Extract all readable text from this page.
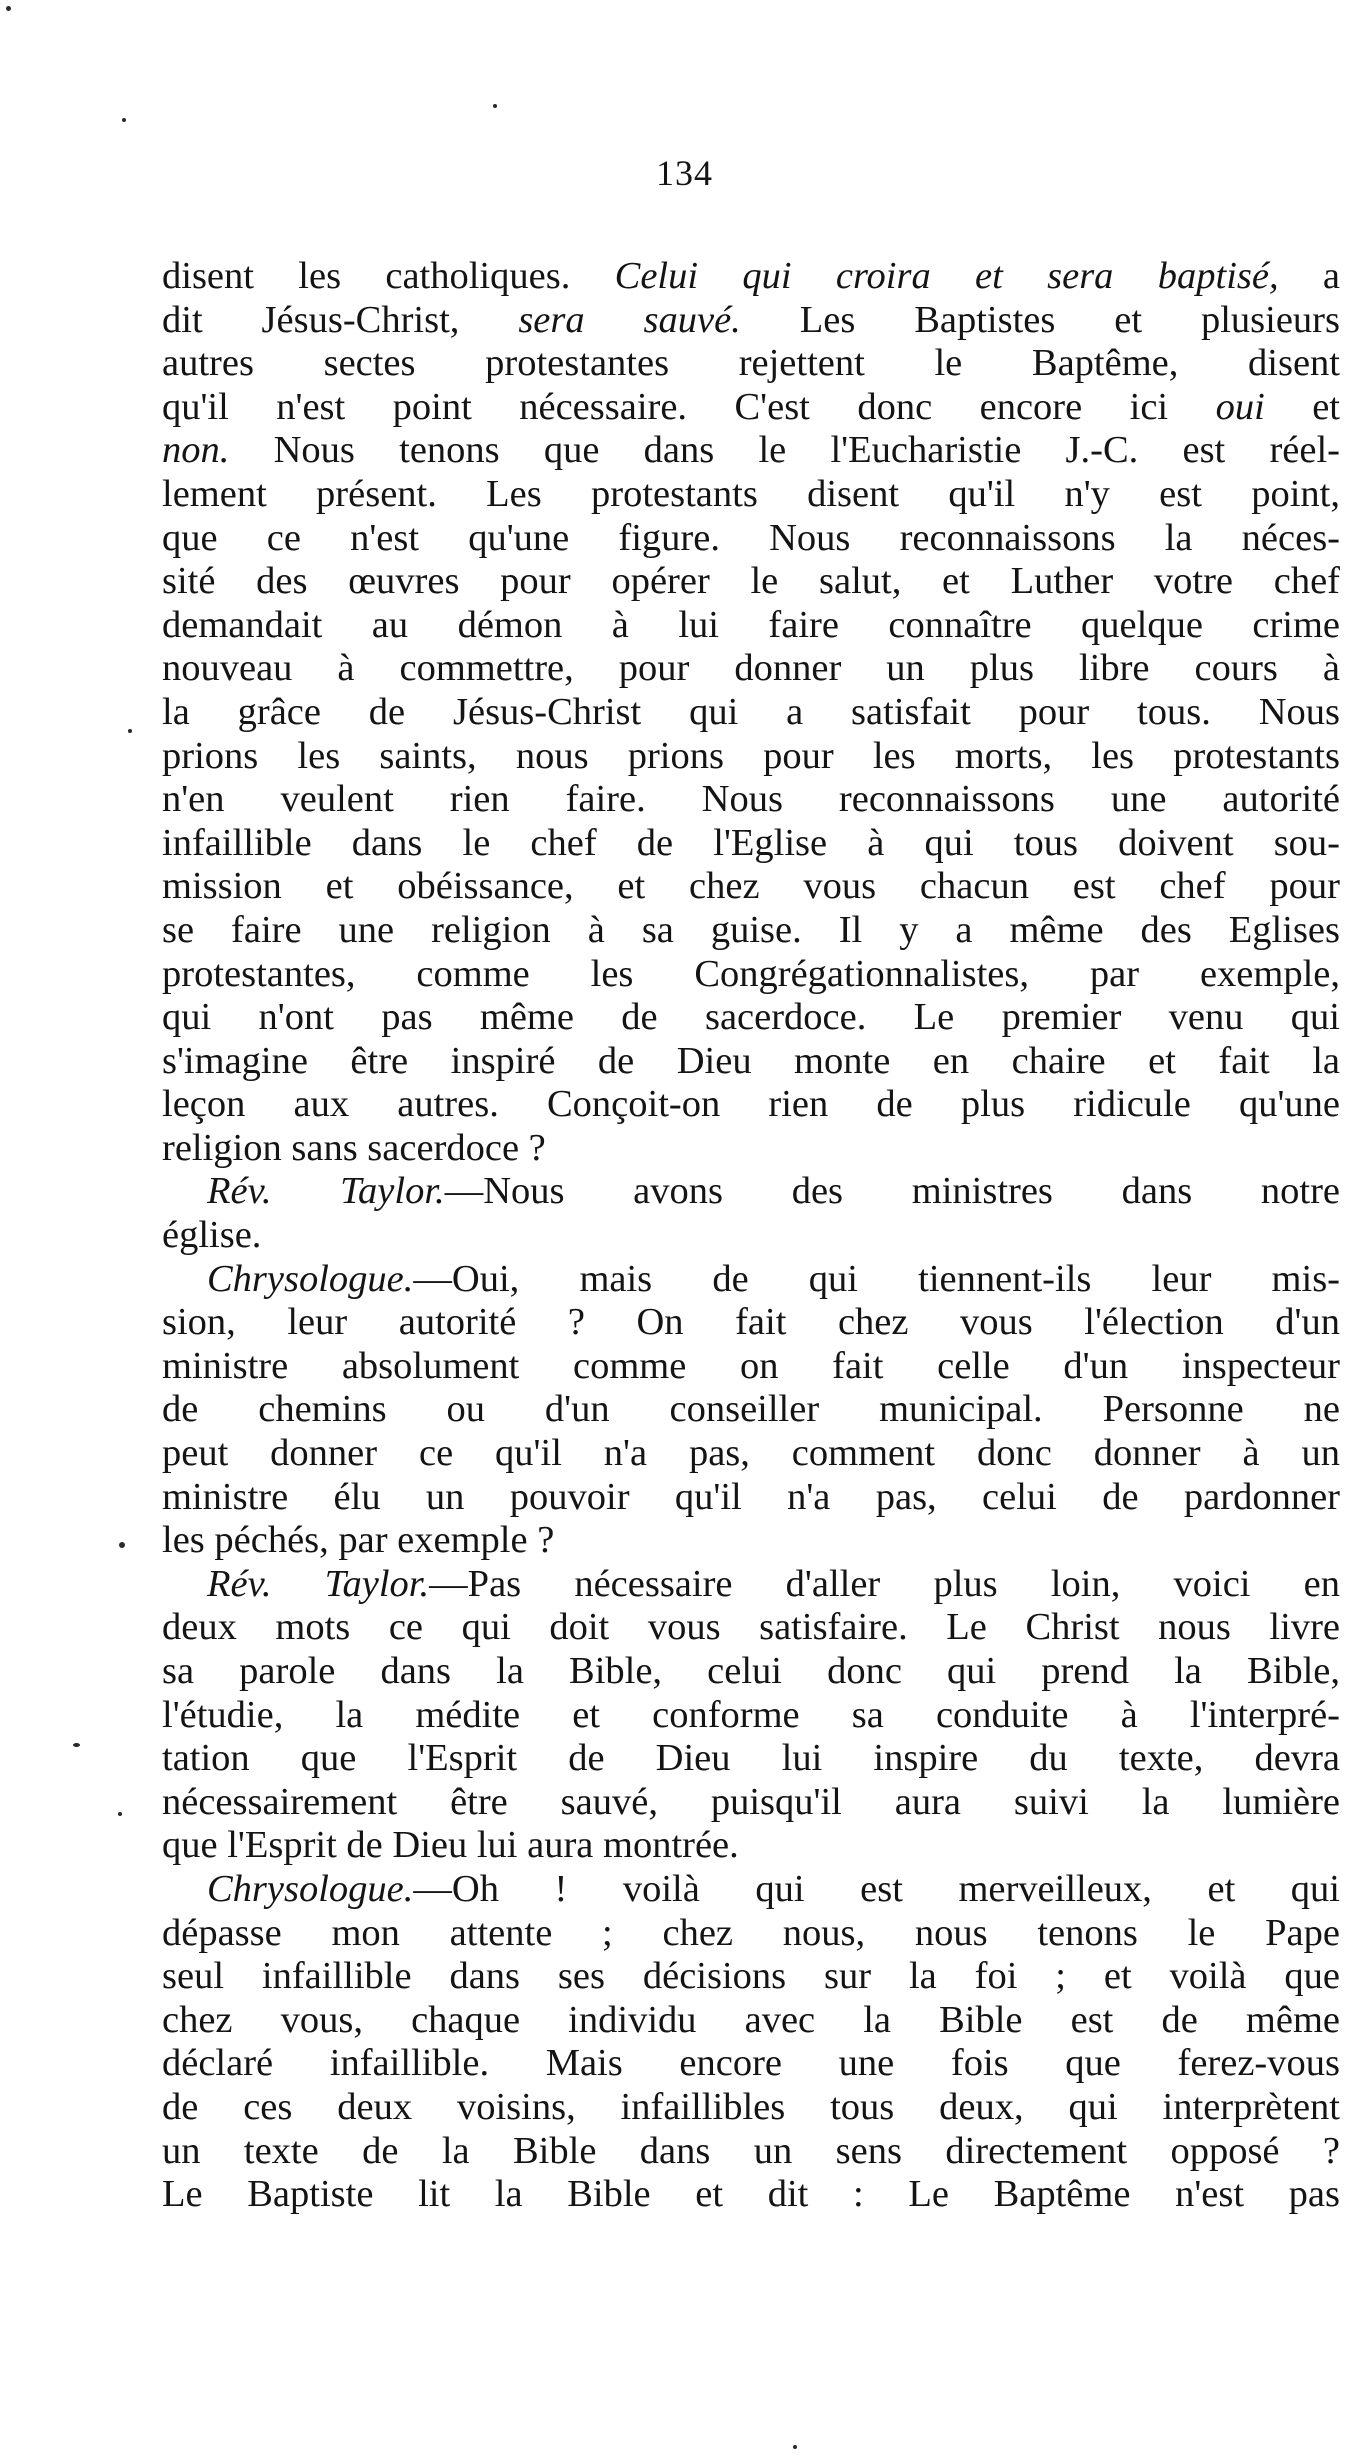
134
disent les catholiques. Celui qui croira et sera baptisé, a
dit Jésus-Christ, sera sauvé. Les Baptistes et plusieurs
autres sectes protestantes rejettent le Baptême, disent
qu'il n'est point nécessaire. C'est donc encore ici oui et
non. Nous tenons que dans le l'Eucharistie J.-C. est réel-
lement présent. Les protestants disent qu'il n'y est point,
que ce n'est qu'une figure. Nous reconnaissons la néces-
sité des œuvres pour opérer le salut, et Luther votre chef
demandait au démon à lui faire connaître quelque crime
nouveau à commettre, pour donner un plus libre cours à
la grâce de Jésus-Christ qui a satisfait pour tous. Nous
prions les saints, nous prions pour les morts, les protestants
n'en veulent rien faire. Nous reconnaissons une autorité
infaillible dans le chef de l'Eglise à qui tous doivent sou-
mission et obéissance, et chez vous chacun est chef pour
se faire une religion à sa guise. Il y a même des Eglises
protestantes, comme les Congrégationnalistes, par exemple,
qui n'ont pas même de sacerdoce. Le premier venu qui
s'imagine être inspiré de Dieu monte en chaire et fait la
leçon aux autres. Conçoit-on rien de plus ridicule qu'une
religion sans sacerdoce ?
Rév. Taylor.—Nous avons des ministres dans notre
église.
Chrysologue.—Oui, mais de qui tiennent-ils leur mis-
sion, leur autorité ? On fait chez vous l'élection d'un
ministre absolument comme on fait celle d'un inspecteur
de chemins ou d'un conseiller municipal. Personne ne
peut donner ce qu'il n'a pas, comment donc donner à un
ministre élu un pouvoir qu'il n'a pas, celui de pardonner
les péchés, par exemple ?
Rév. Taylor.—Pas nécessaire d'aller plus loin, voici en
deux mots ce qui doit vous satisfaire. Le Christ nous livre
sa parole dans la Bible, celui donc qui prend la Bible,
l'étudie, la médite et conforme sa conduite à l'interpré-
tation que l'Esprit de Dieu lui inspire du texte, devra
nécessairement être sauvé, puisqu'il aura suivi la lumière
que l'Esprit de Dieu lui aura montrée.
Chrysologue.—Oh ! voilà qui est merveilleux, et qui
dépasse mon attente ; chez nous, nous tenons le Pape
seul infaillible dans ses décisions sur la foi ; et voilà que
chez vous, chaque individu avec la Bible est de même
déclaré infaillible. Mais encore une fois que ferez-vous
de ces deux voisins, infaillibles tous deux, qui interprètent
un texte de la Bible dans un sens directement opposé ?
Le Baptiste lit la Bible et dit : Le Baptême n'est pas
